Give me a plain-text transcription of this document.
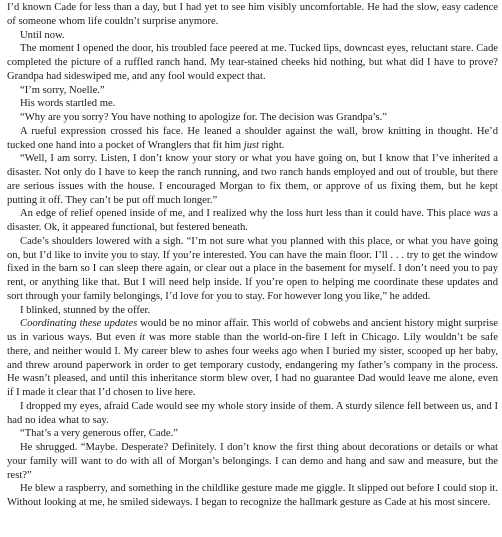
I’d known Cade for less than a day, but I had yet to see him visibly uncomfortable. He had the slow, easy cadence of someone whom life couldn’t surprise anymore.

Until now.

The moment I opened the door, his troubled face peered at me. Tucked lips, downcast eyes, reluctant stare. Cade completed the picture of a ruffled ranch hand. My tear-stained cheeks hid nothing, but what did I have to prove? Grandpa had sideswiped me, and any fool would expect that.

“I’m sorry, Noelle.”

His words startled me.

“Why are you sorry? You have nothing to apologize for. The decision was Grandpa’s.”

A rueful expression crossed his face. He leaned a shoulder against the wall, brow knitting in thought. He’d tucked one hand into a pocket of Wranglers that fit him just right.

“Well, I am sorry. Listen, I don’t know your story or what you have going on, but I know that I’ve inherited a disaster. Not only do I have to keep the ranch running, and two ranch hands employed and out of trouble, but there are serious issues with the house. I encouraged Morgan to fix them, or approve of us fixing them, but he kept putting it off. They can’t be put off much longer.”

An edge of relief opened inside of me, and I realized why the loss hurt less than it could have. This place was a disaster. Ok, it appeared functional, but festered beneath.

Cade’s shoulders lowered with a sigh. “I’m not sure what you planned with this place, or what you have going on, but I’d like to invite you to stay. If you’re interested. You can have the main floor. I’ll . . . try to get the window fixed in the barn so I can sleep there again, or clear out a place in the basement for myself. I don’t need you to pay rent, or anything like that. But I will need help inside. If you’re open to helping me coordinate these updates and sort through your family belongings, I’d love for you to stay. For however long you like,” he added.

I blinked, stunned by the offer.

Coordinating these updates would be no minor affair. This world of cobwebs and ancient history might surprise us in various ways. But even it was more stable than the world-on-fire I left in Chicago. Lily wouldn’t be safe there, and neither would I. My career blew to ashes four weeks ago when I buried my sister, scooped up her baby, and threw around paperwork in order to get temporary custody, endangering my father’s company in the process. He wasn’t pleased, and until this inheritance storm blew over, I had no guarantee Dad would leave me alone, even if I made it clear that I’d chosen to live here.

I dropped my eyes, afraid Cade would see my whole story inside of them. A sturdy silence fell between us, and I had no idea what to say.

“That’s a very generous offer, Cade.”

He shrugged. “Maybe. Desperate? Definitely. I don’t know the first thing about decorations or details or what your family will want to do with all of Morgan’s belongings. I can demo and hang and saw and measure, but the rest?”

He blew a raspberry, and something in the childlike gesture made me giggle. It slipped out before I could stop it. Without looking at me, he smiled sideways. I began to recognize the hallmark gesture as Cade at his most sincere.
